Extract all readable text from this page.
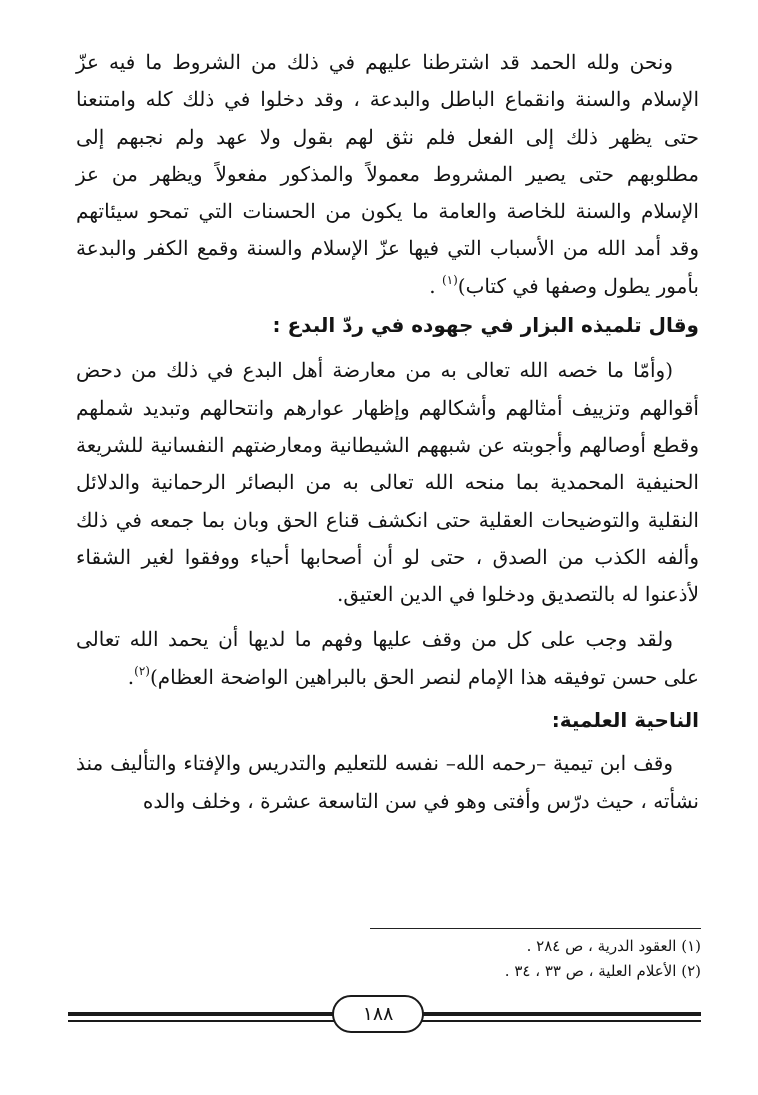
ونحن ولله الحمد قد اشترطنا عليهم في ذلك من الشروط ما فيه عزّ الإسلام والسنة وانقماع الباطل والبدعة ، وقد دخلوا في ذلك كله وامتنعنا حتى يظهر ذلك إلى الفعل فلم نثق لهم بقول ولا عهد ولم نجبهم إلى مطلوبهم حتى يصير المشروط معمولاً والمذكور مفعولاً ويظهر من عز الإسلام والسنة للخاصة والعامة ما يكون من الحسنات التي تمحو سيئاتهم وقد أمد الله من الأسباب التي فيها عزّ الإسلام والسنة وقمع الكفر والبدعة بأمور يطول وصفها في كتاب)$^{(١)}$ .

وقال تلميذه البزار في جهوده في ردّ البدع :

(وأمّا ما خصه الله تعالى به من معارضة أهل البدع في ذلك من دحض أقوالهم وتزييف أمثالهم وأشكالهم وإظهار عوارهم وانتحالهم وتبديد شملهم وقطع أوصالهم وأجوبته عن شبههم الشيطانية ومعارضتهم النفسانية للشريعة الحنيفية المحمدية بما منحه الله تعالى به من البصائر الرحمانية والدلائل النقلية والتوضيحات العقلية حتى انكشف قناع الحق وبان بما جمعه في ذلك وألفه الكذب من الصدق ، حتى لو أن أصحابها أحياء ووفقوا لغير الشقاء لأذعنوا له بالتصديق ودخلوا في الدين العتيق.

ولقد وجب على كل من وقف عليها وفهم ما لديها أن يحمد الله تعالى على حسن توفيقه هذا الإمام لنصر الحق بالبراهين الواضحة العظام)$^{(٢)}$.

الناحية العلمية:

وقف ابن تيمية –رحمه الله– نفسه للتعليم والتدريس والإفتاء والتأليف منذ نشأته ، حيث درّس وأفتى وهو في سن التاسعة عشرة ، وخلف والده

(١) العقود الدرية ، ص ٢٨٤ .

(٢) الأعلام العلية ، ص ٣٣ ، ٣٤ .

١٨٨
